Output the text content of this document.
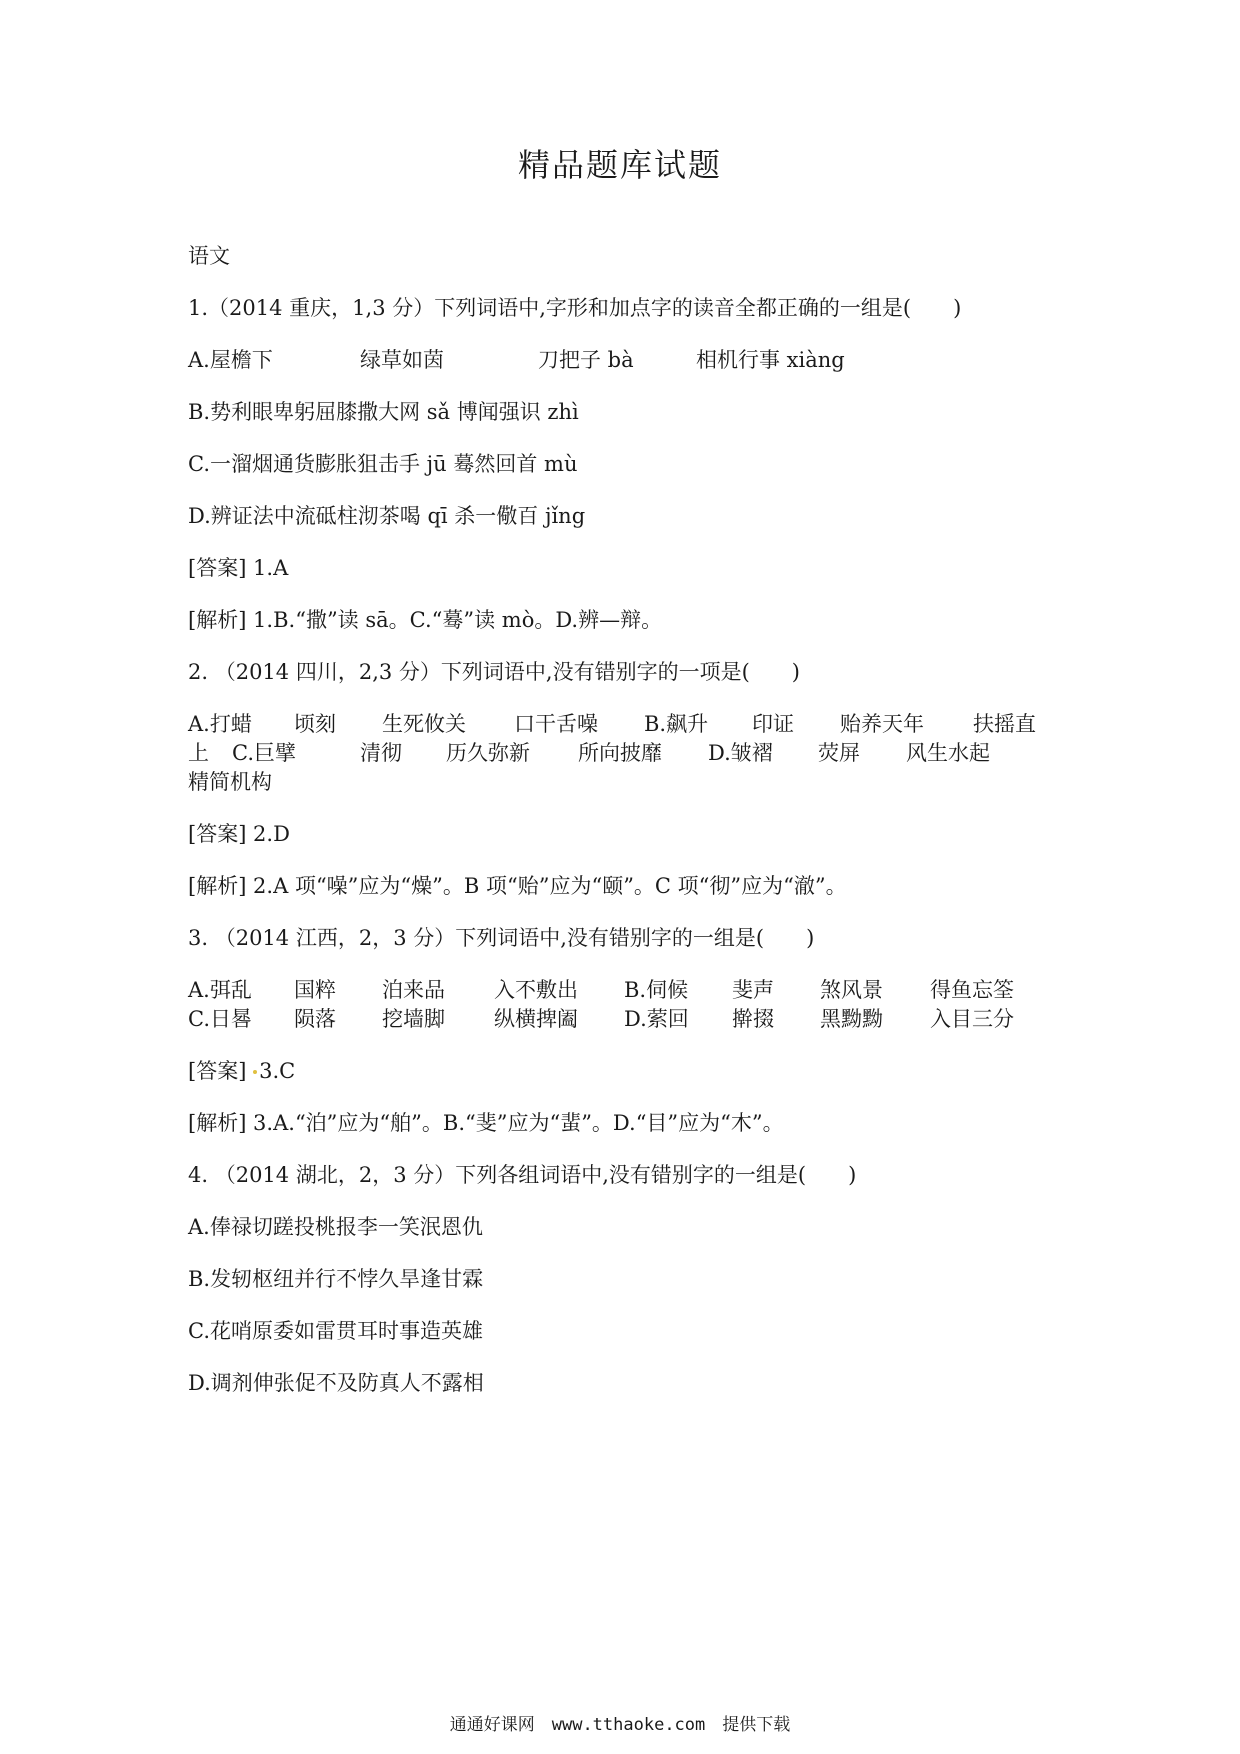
精品题库试题
语文
1.（2014 重庆，1,3 分）下列词语中,字形和加点字的读音全都正确的一组是(　　)
A.屋檐下	绿草如茵	刀把子 bà	相机行事 xiàng
B.势利眼卑躬屈膝撒大网 sǎ 博闻强识 zhì
C.一溜烟通货膨胀狙击手 jū 蓦然回首 mù
D.辨证法中流砥柱沏茶喝 qī 杀一儆百 jǐng
[答案] 1.A
[解析] 1.B.“撒”读 sā。C.“蓦”读 mò。D.辨—辩。
2. （2014 四川，2,3 分）下列词语中,没有错别字的一项是(　　)
A.打蜡 顷刻 生死攸关 口干舌噪 B.飙升 印证 贻养天年 扶摇直
上 C.巨擘	清彻 历久弥新 所向披靡 D.皱褶 荧屏 风生水起
精简机构
[答案] 2.D
[解析] 2.A 项“噪”应为“燥”。B 项“贻”应为“颐”。C 项“彻”应为“澈”。
3. （2014 江西，2，3 分）下列词语中,没有错别字的一组是(　　)
A.弭乱 国粹 泊来品 入不敷出 B.伺候 斐声 煞风景 得鱼忘筌
C.日晷 陨落 挖墙脚 纵横捭阖 D.萦回 擀掇 黑黝黝 入目三分
[答案] 3.C
[解析] 3.A.“泊”应为“舶”。B.“斐”应为“蜚”。D.“目”应为“木”。
4. （2014 湖北，2，3 分）下列各组词语中,没有错别字的一组是(　　)
A.俸禄切蹉投桃报李一笑泯恩仇
B.发轫枢纽并行不悖久旱逢甘霖
C.花哨原委如雷贯耳时事造英雄
D.调剂伸张促不及防真人不露相
通通好课网　www.tthaoke.com　提供下载
